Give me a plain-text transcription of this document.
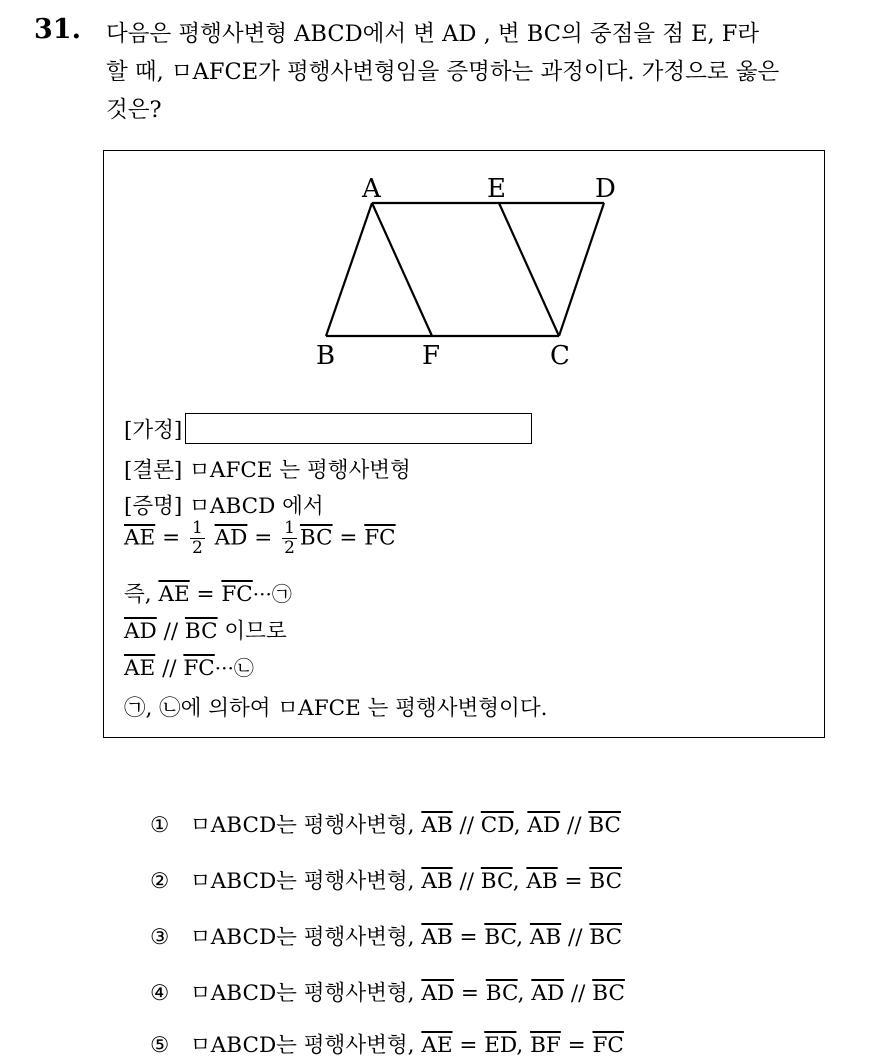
31. 다음은 평행사변형 ABCD에서 변 AD , 변 BC의 중점을 점 E, F라
할 때, ㅁAFCE가 평행사변형임을 증명하는 과정이다. 가정으로 옳은
것은?
A	E	D
B	F	C
[가정]
[결론] ㅁAFCE 는 평행사변형
[증명] ㅁABCD 에서
$\overline{AE} = \frac{1}{2} \overline{AD} = \frac{1}{2} \overline{BC} = \overline{FC}$
즉, $\overline{AE}$ = $\overline{FC}\cdot\cdot\cdot㉠$
$\overline{AD} // \overline{BC}$ 이므로
$\overline{AE}$ // $\overline{FC}\cdot\cdot\cdot㉡$
㉠, ㉡에 의하여 ㅁAFCE 는 평행사변형이다.
① ㅁABCD는 평행사변형, $\overline{AB} // \overline{CD}$, $\overline{AD} // \overline{BC}$
② ㅁABCD는 평행사변형, $\overline{AB} // \overline{BC}$, $\overline{AB} = \overline{BC}$
③ ㅁABCD는 평행사변형, $\overline{AB} = \overline{BC}$, $\overline{AB} // \overline{BC}$
④ ㅁABCD는 평행사변형, $\overline{AD} = \overline{BC}$, $\overline{AD} // \overline{BC}$
⑤ ㅁABCD는 평행사변형, $\overline{AE} = \overline{ED}$, $\overline{BF} = \overline{FC}$
